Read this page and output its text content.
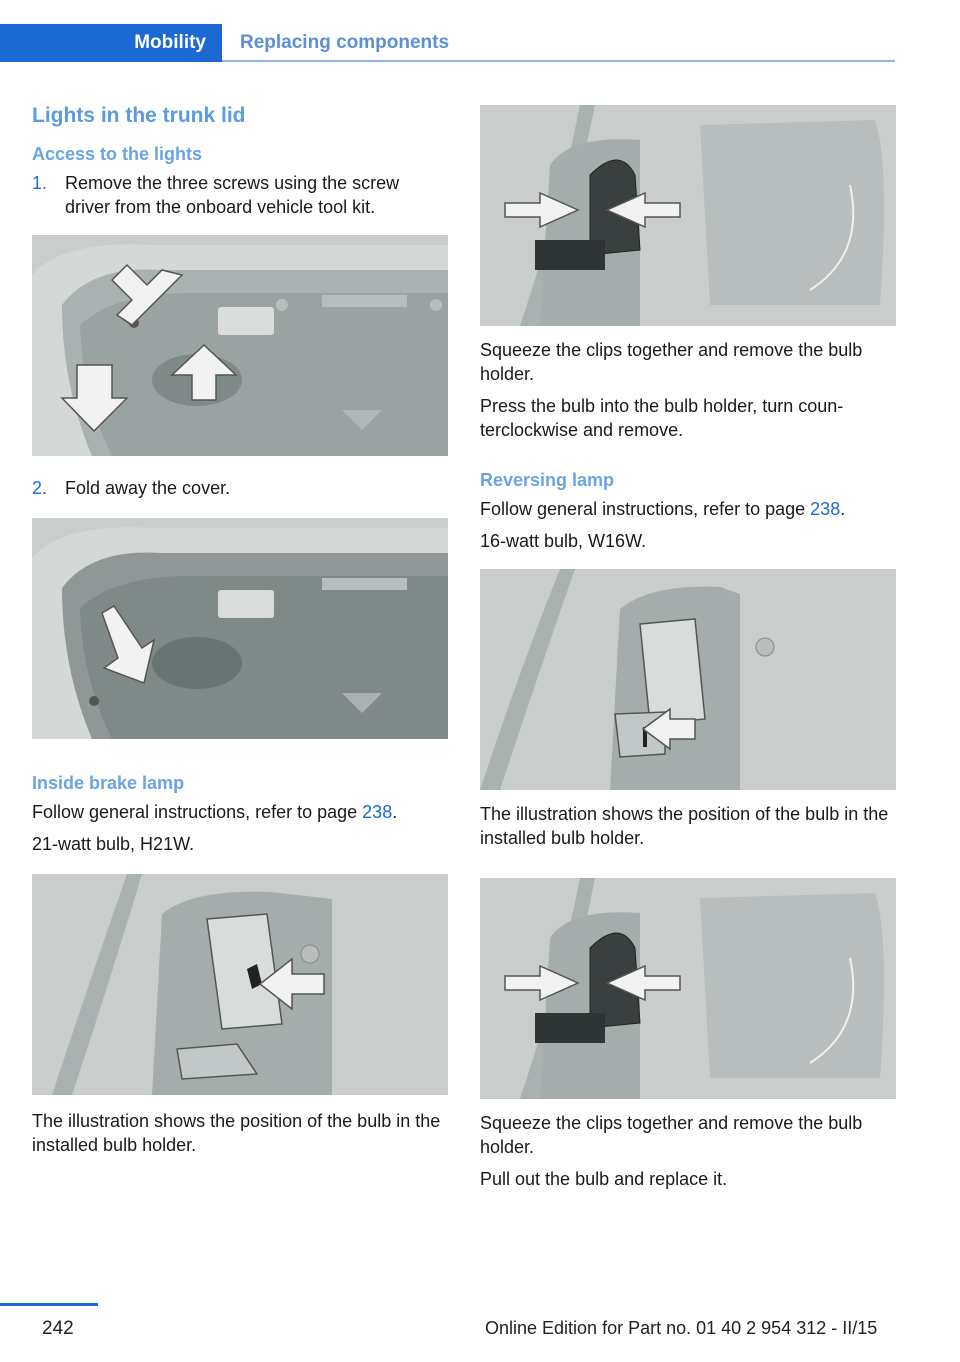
Mobility	Replacing components
Lights in the trunk lid
Access to the lights
1. Remove the three screws using the screw driver from the onboard vehicle tool kit.
2. Fold away the cover.
Inside brake lamp

Follow general instructions, refer to page 238.

21-watt bulb, H21W.

The illustration shows the position of the bulb in the installed bulb holder.

Squeeze the clips together and remove the bulb holder.

Press the bulb into the bulb holder, turn counterclockwise and remove.

Reversing lamp

Follow general instructions, refer to page 238.

16-watt bulb, W16W.

The illustration shows the position of the bulb in the installed bulb holder.

Squeeze the clips together and remove the bulb holder.

Pull out the bulb and replace it.

242	Online Edition for Part no. 01 40 2 954 312 - II/15
